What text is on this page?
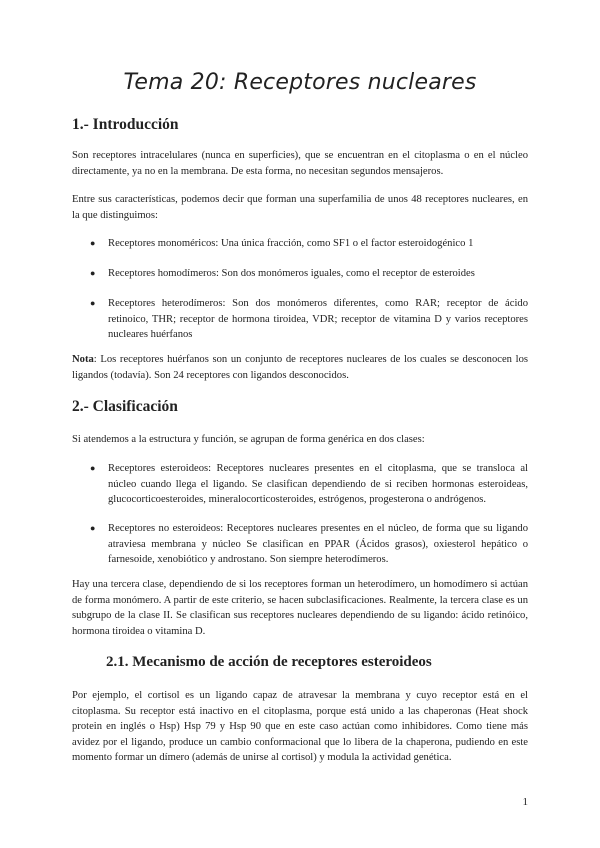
Tema 20: Receptores nucleares
1.- Introducción

Son receptores intracelulares (nunca en superficies), que se encuentran en el citoplasma o en el núcleo directamente, ya no en la membrana. De esta forma, no necesitan segundos mensajeros.

Entre sus características, podemos decir que forman una superfamilia de unos 48 receptores nucleares, en la que distinguimos:

●	Receptores monoméricos: Una única fracción, como SF1 o el factor esteroidogénico 1
●	Receptores homodímeros: Son dos monómeros iguales, como el receptor de esteroides
●	Receptores heterodímeros: Son dos monómeros diferentes, como RAR; receptor de ácido retinoico, THR; receptor de hormona tiroidea, VDR; receptor de vitamina D y varios receptores nucleares huérfanos

Nota: Los receptores huérfanos son un conjunto de receptores nucleares de los cuales se desconocen los ligandos (todavía). Son 24 receptores con ligandos desconocidos.

2.- Clasificación

Si atendemos a la estructura y función, se agrupan de forma genérica en dos clases:

●	Receptores esteroideos: Receptores nucleares presentes en el citoplasma, que se transloca al núcleo cuando llega el ligando. Se clasifican dependiendo de si reciben hormonas esteroideas, glucocorticoesteroides, mineralocorticosteroides, estrógenos, progesterona o andrógenos.
●	Receptores no esteroideos: Receptores nucleares presentes en el núcleo, de forma que su ligando atraviesa membrana y núcleo Se clasifican en PPAR (Ácidos grasos), oxiesterol hepático o farnesoide, xenobiótico y androstano. Son siempre heterodímeros.

Hay una tercera clase, dependiendo de si los receptores forman un heterodímero, un homodímero si actúan de forma monómero. A partir de este criterio, se hacen subclasificaciones. Realmente, la tercera clase es un subgrupo de la clase II. Se clasifican sus receptores nucleares dependiendo de su ligando: ácido retinóico, hormona tiroidea o vitamina D.

2.1. Mecanismo de acción de receptores esteroideos

Por ejemplo, el cortisol es un ligando capaz de atravesar la membrana y cuyo receptor está en el citoplasma. Su receptor está inactivo en el citoplasma, porque está unido a las chaperonas (Heat shock protein en inglés o Hsp) Hsp 79 y Hsp 90 que en este caso actúan como inhibidores. Como tiene más avidez por el ligando, produce un cambio conformacional que lo libera de la chaperona, pudiendo en este momento formar un dímero (además de unirse al cortisol) y modula la actividad genética.

1
